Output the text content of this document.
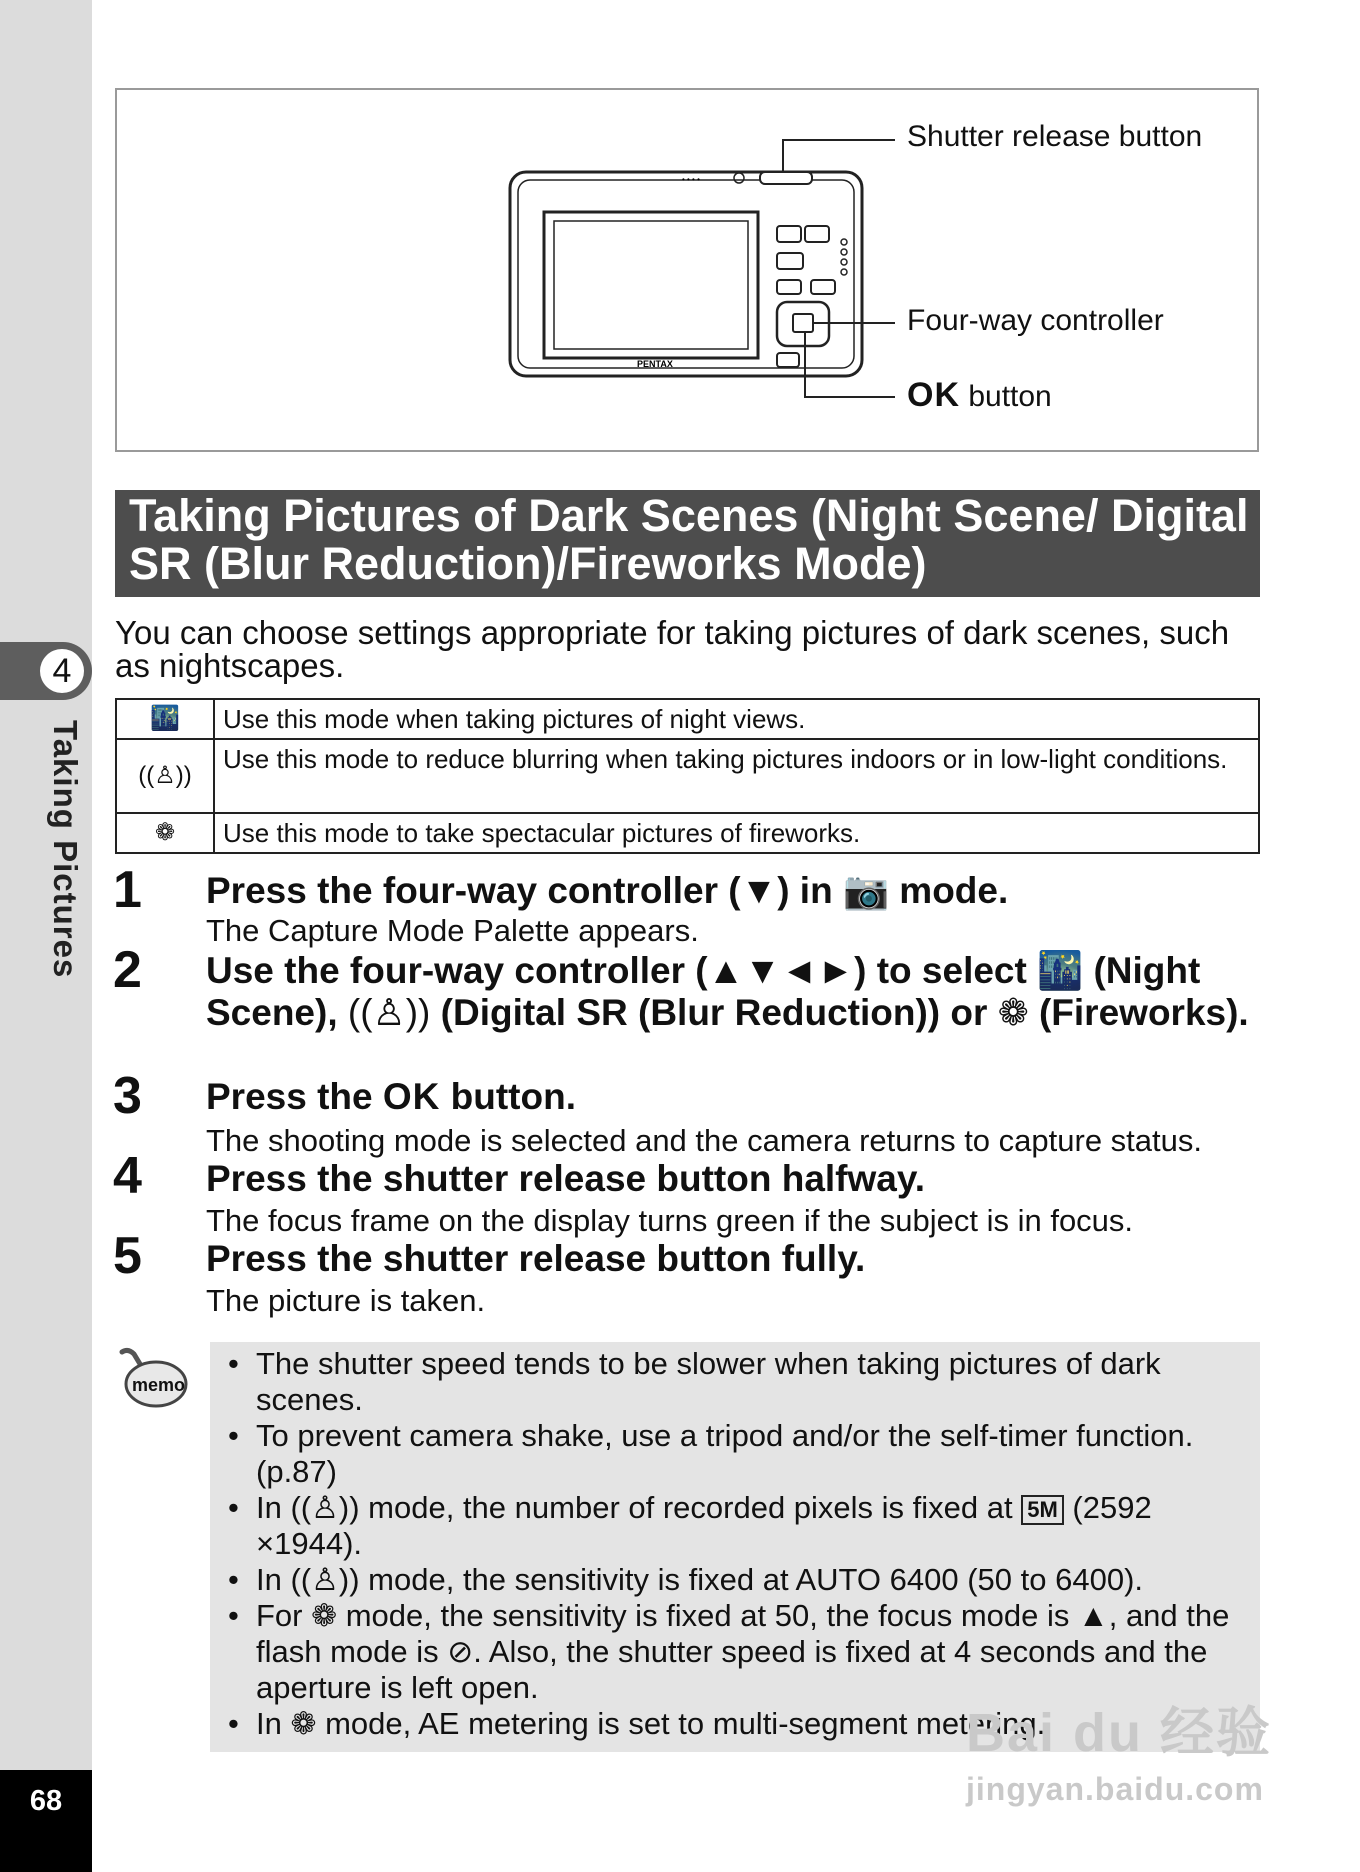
4
Taking Pictures
68
• • • •
PENTAX
Shutter release button
Four-way controller
OK button
Taking Pictures of Dark Scenes (Night Scene/ Digital SR (Blur Reduction)/Fireworks Mode)
You can choose settings appropriate for taking pictures of dark scenes, such as nightscapes.
🌃	Use this mode when taking pictures of night views.
((♙))	Use this mode to reduce blurring when taking pictures indoors or in low-light conditions.
❁	Use this mode to take spectacular pictures of fireworks.
1 Press the four-way controller (▼) in 📷 mode.
The Capture Mode Palette appears.
2 Use the four-way controller (▲▼◄►) to select 🌃 (Night Scene), ((♙)) (Digital SR (Blur Reduction)) or ❁ (Fireworks).
3 Press the OK button.
The shooting mode is selected and the camera returns to capture status.
4 Press the shutter release button halfway.
The focus frame on the display turns green if the subject is in focus.
5 Press the shutter release button fully.
The picture is taken.
memo
• The shutter speed tends to be slower when taking pictures of dark scenes.
• To prevent camera shake, use a tripod and/or the self-timer function. (p.87)
• In ((♙)) mode, the number of recorded pixels is fixed at 5M (2592 ×1944).
• In ((♙)) mode, the sensitivity is fixed at AUTO 6400 (50 to 6400).
• For ❁ mode, the sensitivity is fixed at 50, the focus mode is ▲, and the flash mode is ⊘. Also, the shutter speed is fixed at 4 seconds and the aperture is left open.
• In ❁ mode, AE metering is set to multi-segment metering.
Bai du 经验
jingyan.baidu.com
